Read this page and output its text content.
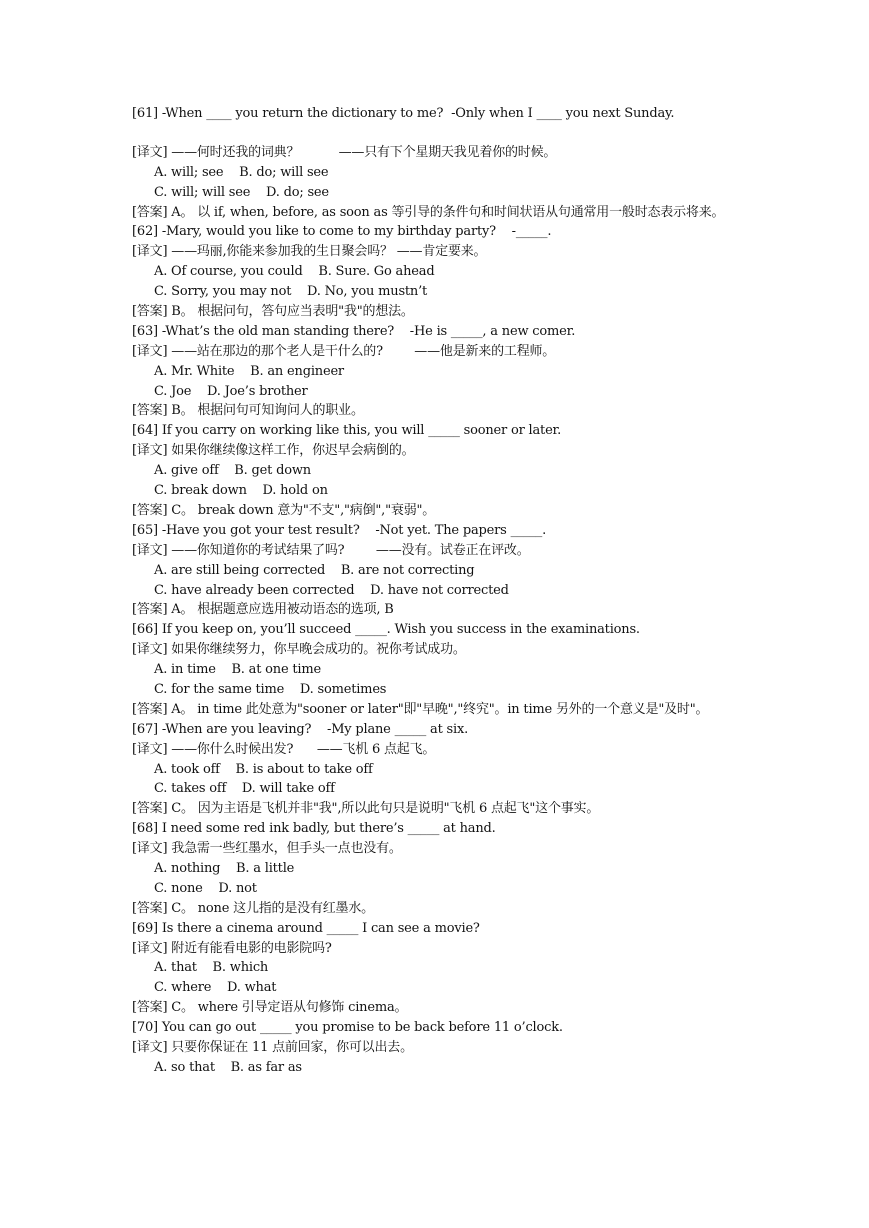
[61] -When ____ you return the dictionary to me?  -Only when I ____ you next Sunday.
[译文] ——何时还我的词典？          ——只有下个星期天我见着你的时候。
A. will; see    B. do; will see
C. will; will see    D. do; see
[答案] A。 以 if, when, before, as soon as 等引导的条件句和时间状语从句通常用一般时态表示将来。
[62] -Mary, would you like to come to my birthday party?    -_____.
[译文] ——玛丽,你能来参加我的生日聚会吗？ ——肯定要来。
A. Of course, you could    B. Sure. Go ahead
C. Sorry, you may not    D. No, you mustn’t
[答案] B。 根据问句，答句应当表明"我"的想法。
[63] -What’s the old man standing there?    -He is _____, a new comer.
[译文] ——站在那边的那个老人是干什么的?        ——他是新来的工程师。
A. Mr. White    B. an engineer
C. Joe    D. Joe’s brother
[答案] B。 根据问句可知询问人的职业。
[64] If you carry on working like this, you will _____ sooner or later.
[译文] 如果你继续像这样工作，你迟早会病倒的。
A. give off    B. get down
C. break down    D. hold on
[答案] C。 break down 意为"不支","病倒","衰弱"。
[65] -Have you got your test result?    -Not yet. The papers _____.
[译文] ——你知道你的考试结果了吗?        ——没有。试卷正在评改。
A. are still being corrected    B. are not correcting
C. have already been corrected    D. have not corrected
[答案] A。 根据题意应选用被动语态的选项, B
[66] If you keep on, you’ll succeed _____. Wish you success in the examinations.
[译文] 如果你继续努力，你早晚会成功的。祝你考试成功。
A. in time    B. at one time
C. for the same time    D. sometimes
[答案] A。 in time 此处意为"sooner or later"即"早晚","终究"。in time 另外的一个意义是"及时"。
[67] -When are you leaving?    -My plane _____ at six.
[译文] ——你什么时候出发?      ——飞机 6 点起飞。
A. took off    B. is about to take off
C. takes off    D. will take off
[答案] C。 因为主语是飞机并非"我",所以此句只是说明"飞机 6 点起飞"这个事实。
[68] I need some red ink badly, but there’s _____ at hand.
[译文] 我急需一些红墨水，但手头一点也没有。
A. nothing    B. a little
C. none    D. not
[答案] C。 none 这儿指的是没有红墨水。
[69] Is there a cinema around _____ I can see a movie?
[译文] 附近有能看电影的电影院吗?
A. that    B. which
C. where    D. what
[答案] C。 where 引导定语从句修饰 cinema。
[70] You can go out _____ you promise to be back before 11 o’clock.
[译文] 只要你保证在 11 点前回家，你可以出去。
A. so that    B. as far as
